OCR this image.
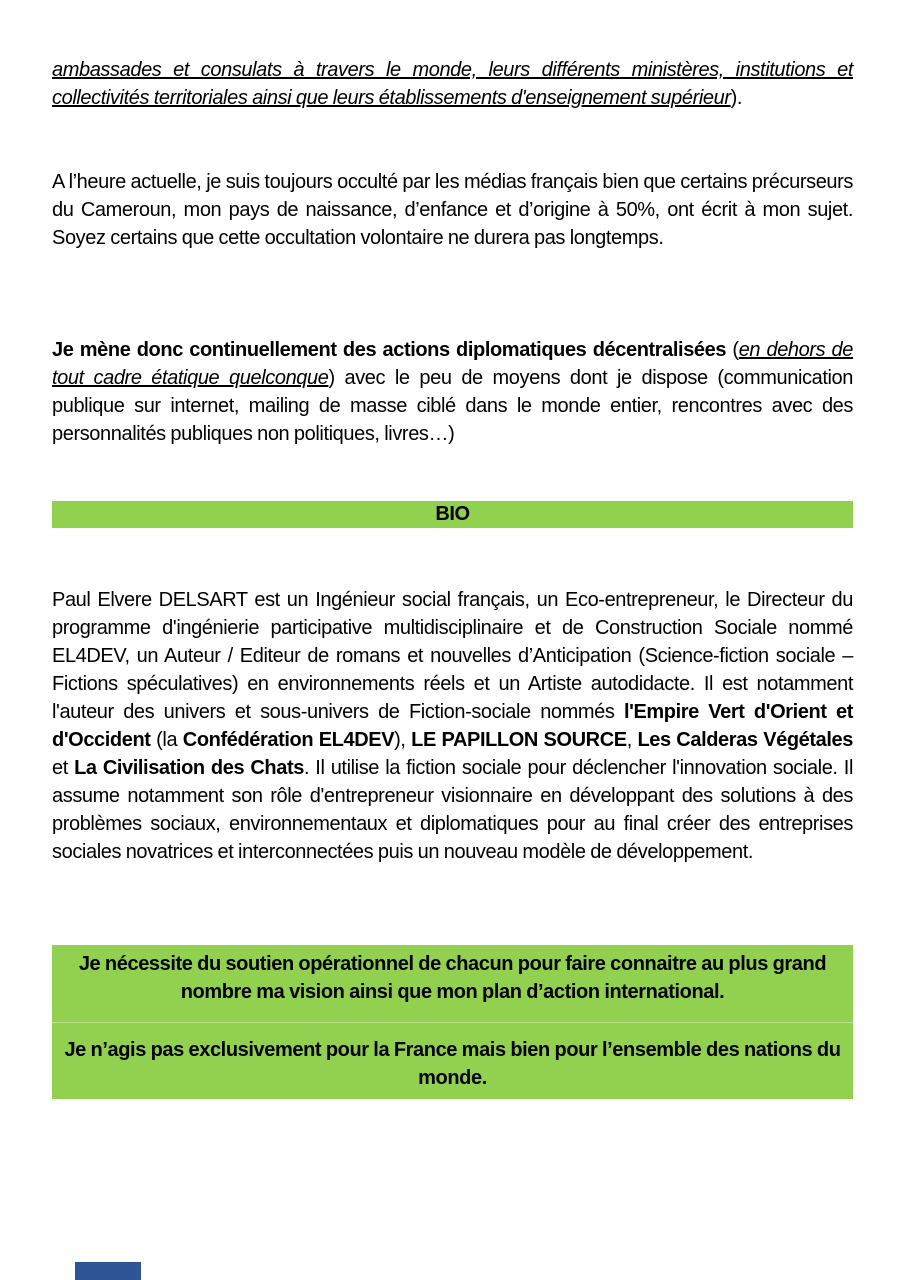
ambassades et consulats à travers le monde, leurs différents ministères, institutions et collectivités territoriales ainsi que leurs établissements d'enseignement supérieur).

A l’heure actuelle, je suis toujours occulté par les médias français bien que certains précurseurs du Cameroun, mon pays de naissance, d’enfance et d’origine à 50%, ont écrit à mon sujet. Soyez certains que cette occultation volontaire ne durera pas longtemps.

Je mène donc continuellement des actions diplomatiques décentralisées (en dehors de tout cadre étatique quelconque) avec le peu de moyens dont je dispose (communication publique sur internet, mailing de masse ciblé dans le monde entier, rencontres avec des personnalités publiques non politiques, livres…)

BIO

Paul Elvere DELSART est un Ingénieur social français, un Eco-entrepreneur, le Directeur du programme d'ingénierie participative multidisciplinaire et de Construction Sociale nommé EL4DEV, un Auteur / Editeur de romans et nouvelles d’Anticipation (Science-fiction sociale – Fictions spéculatives) en environnements réels et un Artiste autodidacte. Il est notamment l'auteur des univers et sous-univers de Fiction-sociale nommés l'Empire Vert d'Orient et d'Occident (la Confédération EL4DEV), LE PAPILLON SOURCE, Les Calderas Végétales et La Civilisation des Chats. Il utilise la fiction sociale pour déclencher l'innovation sociale. Il assume notamment son rôle d'entrepreneur visionnaire en développant des solutions à des problèmes sociaux, environnementaux et diplomatiques pour au final créer des entreprises sociales novatrices et interconnectées puis un nouveau modèle de développement.

Je nécessite du soutien opérationnel de chacun pour faire connaitre au plus grand nombre ma vision ainsi que mon plan d’action international.

Je n’agis pas exclusivement pour la France mais bien pour l’ensemble des nations du monde.
